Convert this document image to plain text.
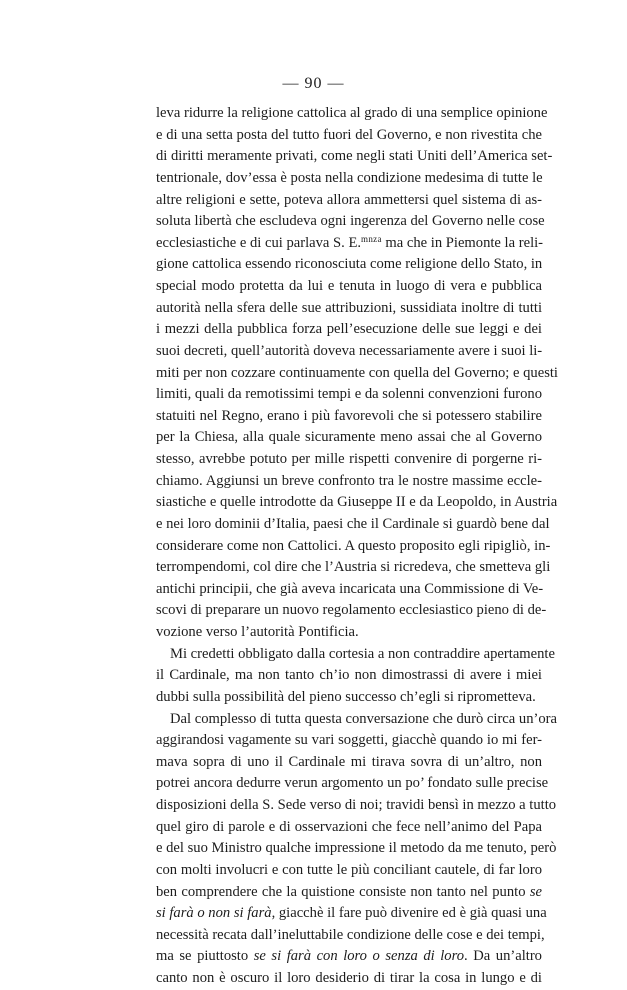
— 90 —
leva ridurre la religione cattolica al grado di una semplice opinione
e di una setta posta del tutto fuori del Governo, e non rivestita che
di diritti meramente privati, come negli stati Uniti dell’America set-
tentrionale, dov’essa è posta nella condizione medesima di tutte le
altre religioni e sette, poteva allora ammettersi quel sistema di as-
soluta libertà che escludeva ogni ingerenza del Governo nelle cose
ecclesiastiche e di cui parlava S. E.$^{mnza}$ ma che in Piemonte la reli-
gione cattolica essendo riconosciuta come religione dello Stato, in
special modo protetta da lui e tenuta in luogo di vera e pubblica
autorità nella sfera delle sue attribuzioni, sussidiata inoltre di tutti
i mezzi della pubblica forza pell’esecuzione delle sue leggi e dei
suoi decreti, quell’autorità doveva necessariamente avere i suoi li-
miti per non cozzare continuamente con quella del Governo; e questi
limiti, quali da remotissimi tempi e da solenni convenzioni furono
statuiti nel Regno, erano i più favorevoli che si potessero stabilire
per la Chiesa, alla quale sicuramente meno assai che al Governo
stesso, avrebbe potuto per mille rispetti convenire di porgerne ri-
chiamo. Aggiunsi un breve confronto tra le nostre massime eccle-
siastiche e quelle introdotte da Giuseppe II e da Leopoldo, in Austria
e nei loro dominii d’Italia, paesi che il Cardinale si guardò bene dal
considerare come non Cattolici. A questo proposito egli ripigliò, in-
terrompendomi, col dire che l’Austria si ricredeva, che smetteva gli
antichi principii, che già aveva incaricata una Commissione di Ve-
scovi di preparare un nuovo regolamento ecclesiastico pieno di de-
vozione verso l’autorità Pontificia.
Mi credetti obbligato dalla cortesia a non contraddire apertamente
il Cardinale, ma non tanto ch’io non dimostrassi di avere i miei
dubbi sulla possibilità del pieno successo ch’egli si riprometteva.
Dal complesso di tutta questa conversazione che durò circa un’ora
aggirandosi vagamente su vari soggetti, giacchè quando io mi fer-
mava sopra di uno il Cardinale mi tirava sovra di un’altro, non
potrei ancora dedurre verun argomento un po’ fondato sulle precise
disposizioni della S. Sede verso di noi; travidi bensì in mezzo a tutto
quel giro di parole e di osservazioni che fece nell’animo del Papa
e del suo Ministro qualche impressione il metodo da me tenuto, però
con molti involucri e con tutte le più conciliant cautele, di far loro
ben comprendere che la quistione consiste non tanto nel punto se
si farà o non si farà, giacchè il fare può divenire ed è già quasi una
necessità recata dall’ineluttabile condizione delle cose e dei tempi,
ma se piuttosto se si farà con loro o senza di loro. Da un’altro
canto non è oscuro il loro desiderio di tirar la cosa in lungo e di
